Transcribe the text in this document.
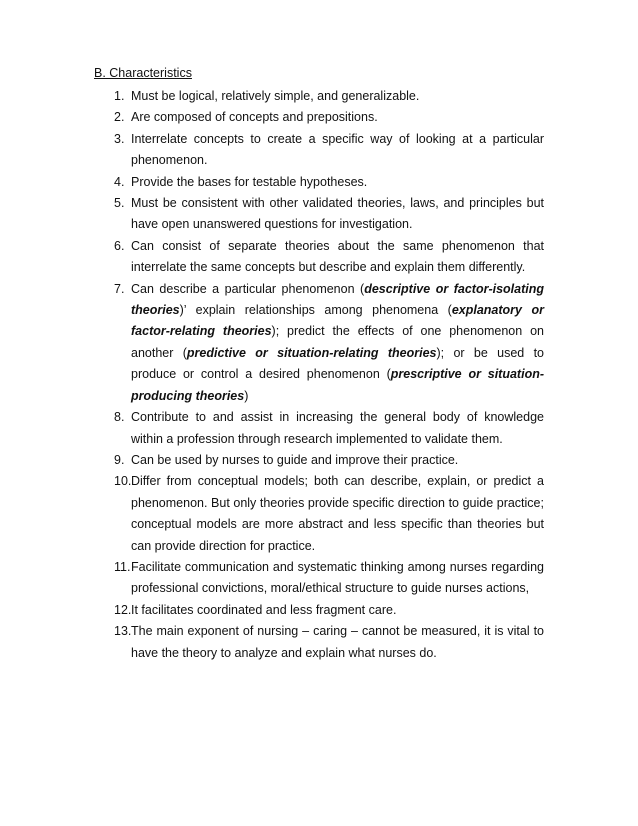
B. Characteristics
1. Must be logical, relatively simple, and generalizable.
2. Are composed of concepts and prepositions.
3. Interrelate concepts to create a specific way of looking at a particular phenomenon.
4. Provide the bases for testable hypotheses.
5. Must be consistent with other validated theories, laws, and principles but have open unanswered questions for investigation.
6. Can consist of separate theories about the same phenomenon that interrelate the same concepts but describe and explain them differently.
7. Can describe a particular phenomenon (descriptive or factor-isolating theories)’ explain relationships among phenomena (explanatory or factor-relating theories); predict the effects of one phenomenon on another (predictive or situation-relating theories); or be used to produce or control a desired phenomenon (prescriptive or situation-producing theories)
8. Contribute to and assist in increasing the general body of knowledge within a profession through research implemented to validate them.
9. Can be used by nurses to guide and improve their practice.
10. Differ from conceptual models; both can describe, explain, or predict a phenomenon. But only theories provide specific direction to guide practice; conceptual models are more abstract and less specific than theories but can provide direction for practice.
11. Facilitate communication and systematic thinking among nurses regarding professional convictions, moral/ethical structure to guide nurses actions,
12. It facilitates coordinated and less fragment care.
13. The main exponent of nursing – caring – cannot be measured, it is vital to have the theory to analyze and explain what nurses do.
